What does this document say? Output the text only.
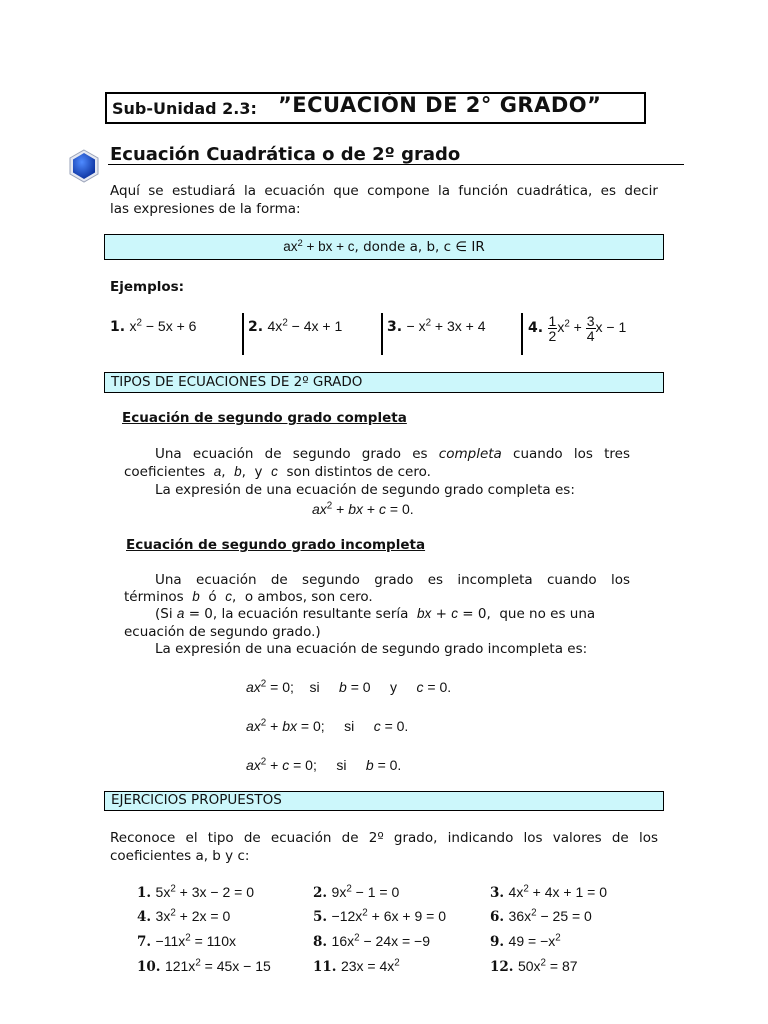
Sub-Unidad 2.3: ”ECUACIÓN DE 2° GRADO”
Ecuación Cuadrática o de 2º grado
Aquí se estudiará la ecuación que compone la función cuadrática, es decir
las expresiones de la forma:
$ax^2$ + bx + c, donde a, b, c ∈ IR
Ejemplos:
1. $x^2 - 5x + 6$	2. $4x^2 - 4x + 1$	3. − $x^2 + 3x + 4$	4. $\frac{1}{2} x^2 + \frac{3}{4}$ x − 1
TIPOS DE ECUACIONES DE 2º GRADO
Ecuación de segundo grado completa
Una ecuación de segundo grado es completa cuando los tres
coeficientes a,  b,  y  c son distintos de cero.
La expresión de una ecuación de segundo grado completa es:
$ax^2$ + bx + c = 0.
Ecuación de segundo grado incompleta
Una ecuación de segundo grado es incompleta cuando los
términos b ó c,  o ambos, son cero.
(Si a = 0, la ecuación resultante sería bx + c = 0,  que no es una
ecuación de segundo grado.)
La expresión de una ecuación de segundo grado incompleta es:
$ax^2 = 0$;    si b = 0     y c = 0.
$ax^2$ + bx = 0;     si c = 0.
$ax^2 + c = 0$;     si b = 0.
EJERCICIOS PROPUESTOS
Reconoce el tipo de ecuación de 2º grado, indicando los valores de los
coeficientes a, b y c:
1. $5x^2 + 3x - 2 = 0$	2. $9x^2 - 1 = 0$	3. $4x^2 + 4x + 1 = 0$
4. $3x^2 + 2x = 0$	5. $-12x^2 + 6x + 9 = 0$	6. $36x^2 - 25 = 0$
7. $-11x^2 = 110x$	8. $16x^2 - 24x = -9$	9. $49 = -x^2$
10. $121x^2 = 45x - 15$	11. $23x = 4x^2$	12. $50x^2 = 87$
